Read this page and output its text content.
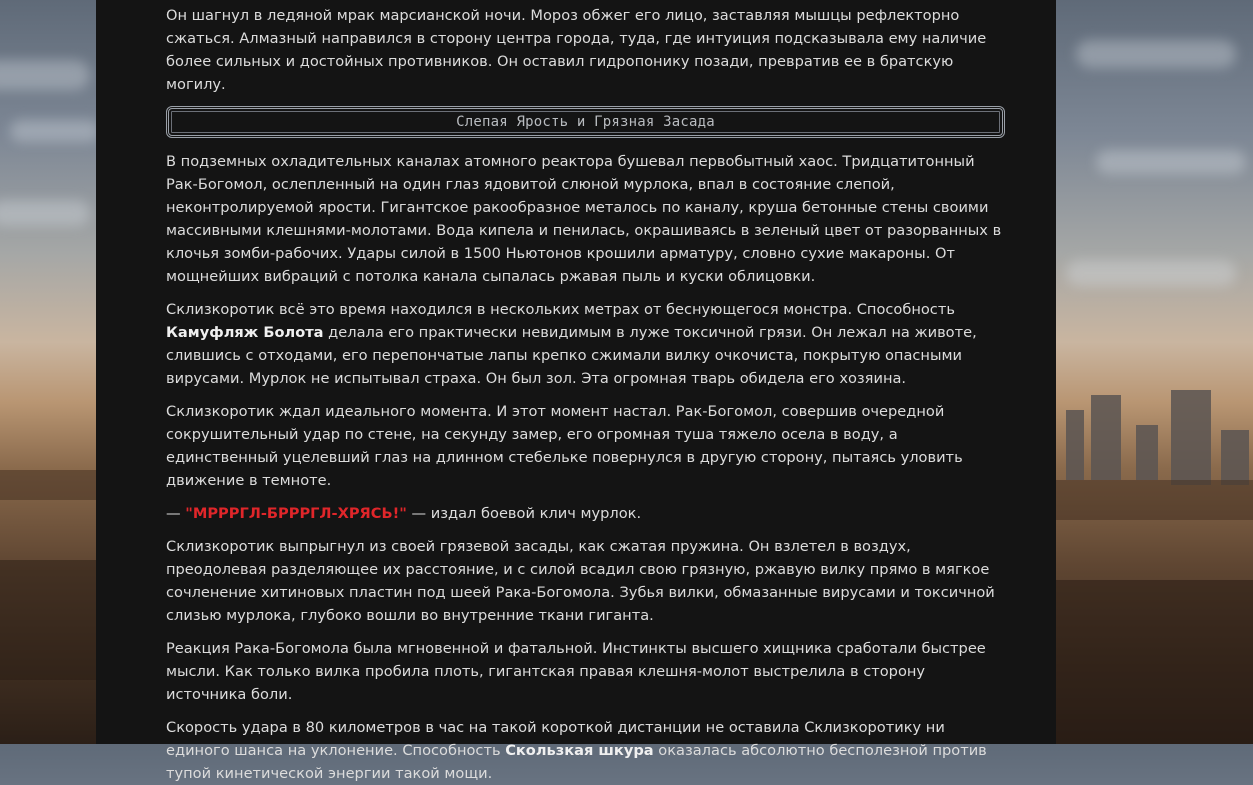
Он шагнул в ледяной мрак марсианской ночи. Мороз обжег его лицо, заставляя мышцы рефлекторно сжаться. Алмазный направился в сторону центра города, туда, где интуиция подсказывала ему наличие более сильных и достойных противников. Он оставил гидропонику позади, превратив ее в братскую могилу.

Слепая Ярость и Грязная Засада

В подземных охладительных каналах атомного реактора бушевал первобытный хаос. Тридцатитонный Рак-Богомол, ослепленный на один глаз ядовитой слюной мурлока, впал в состояние слепой, неконтролируемой ярости. Гигантское ракообразное металось по каналу, круша бетонные стены своими массивными клешнями-молотами. Вода кипела и пенилась, окрашиваясь в зеленый цвет от разорванных в клочья зомби-рабочих. Удары силой в 1500 Ньютонов крошили арматуру, словно сухие макароны. От мощнейших вибраций с потолка канала сыпалась ржавая пыль и куски облицовки.

Склизкоротик всё это время находился в нескольких метрах от беснующегося монстра. Способность Камуфляж Болота делала его практически невидимым в луже токсичной грязи. Он лежал на животе, слившись с отходами, его перепончатые лапы крепко сжимали вилку очкочиста, покрытую опасными вирусами. Мурлок не испытывал страха. Он был зол. Эта огромная тварь обидела его хозяина.

Склизкоротик ждал идеального момента. И этот момент настал. Рак-Богомол, совершив очередной сокрушительный удар по стене, на секунду замер, его огромная туша тяжело осела в воду, а единственный уцелевший глаз на длинном стебельке повернулся в другую сторону, пытаясь уловить движение в темноте.

— "МРРРГЛ-БРРРГЛ-ХРЯСЬ!" — издал боевой клич мурлок.

Склизкоротик выпрыгнул из своей грязевой засады, как сжатая пружина. Он взлетел в воздух, преодолевая разделяющее их расстояние, и с силой всадил свою грязную, ржавую вилку прямо в мягкое сочленение хитиновых пластин под шеей Рака-Богомола. Зубья вилки, обмазанные вирусами и токсичной слизью мурлока, глубоко вошли во внутренние ткани гиганта.

Реакция Рака-Богомола была мгновенной и фатальной. Инстинкты высшего хищника сработали быстрее мысли. Как только вилка пробила плоть, гигантская правая клешня-молот выстрелила в сторону источника боли.

Скорость удара в 80 километров в час на такой короткой дистанции не оставила Склизкоротику ни единого шанса на уклонение. Способность Скользкая шкура оказалась абсолютно бесполезной против тупой кинетической энергии такой мощи.
